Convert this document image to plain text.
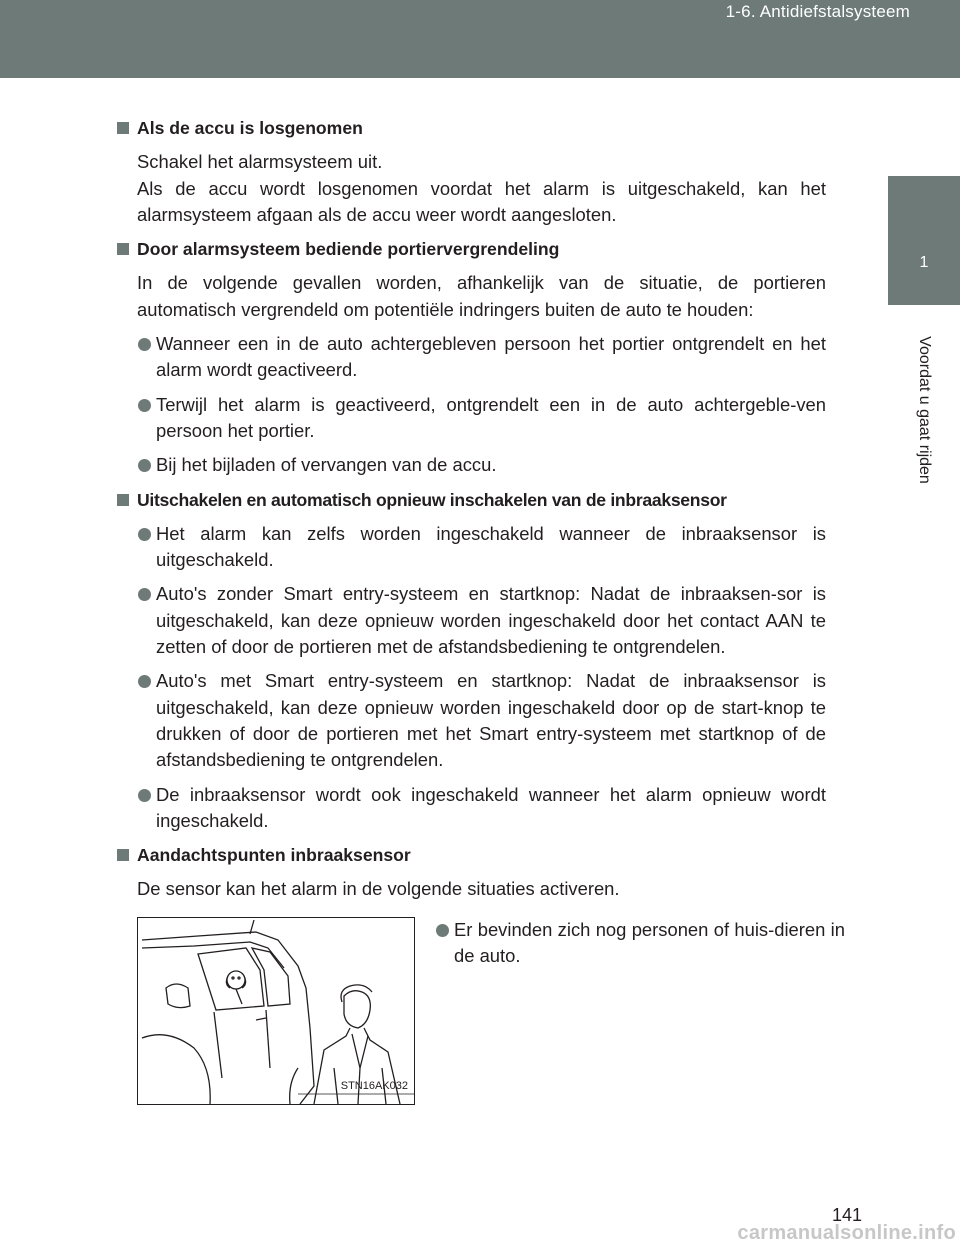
1-6. Antidiefstalsysteem
1
Voordat u gaat rijden

Als de accu is losgenomen

Schakel het alarmsysteem uit.
Als de accu wordt losgenomen voordat het alarm is uitgeschakeld, kan het alarmsysteem afgaan als de accu weer wordt aangesloten.

Door alarmsysteem bediende portiervergrendeling

In de volgende gevallen worden, afhankelijk van de situatie, de portieren automatisch vergrendeld om potentiële indringers buiten de auto te houden:

Wanneer een in de auto achtergebleven persoon het portier ontgrendelt en het alarm wordt geactiveerd.

Terwijl het alarm is geactiveerd, ontgrendelt een in de auto achtergeble-ven persoon het portier.

Bij het bijladen of vervangen van de accu.

Uitschakelen en automatisch opnieuw inschakelen van de inbraaksensor

Het alarm kan zelfs worden ingeschakeld wanneer de inbraaksensor is uitgeschakeld.

Auto's zonder Smart entry-systeem en startknop: Nadat de inbraaksen-sor is uitgeschakeld, kan deze opnieuw worden ingeschakeld door het contact AAN te zetten of door de portieren met de afstandsbediening te ontgrendelen.

Auto's met Smart entry-systeem en startknop: Nadat de inbraaksensor is uitgeschakeld, kan deze opnieuw worden ingeschakeld door op de start-knop te drukken of door de portieren met het Smart entry-systeem met startknop of de afstandsbediening te ontgrendelen.

De inbraaksensor wordt ook ingeschakeld wanneer het alarm opnieuw wordt ingeschakeld.

Aandachtspunten inbraaksensor

De sensor kan het alarm in de volgende situaties activeren.

STN16AK032

Er bevinden zich nog personen of huis-dieren in de auto.

141
carmanualsonline.info
